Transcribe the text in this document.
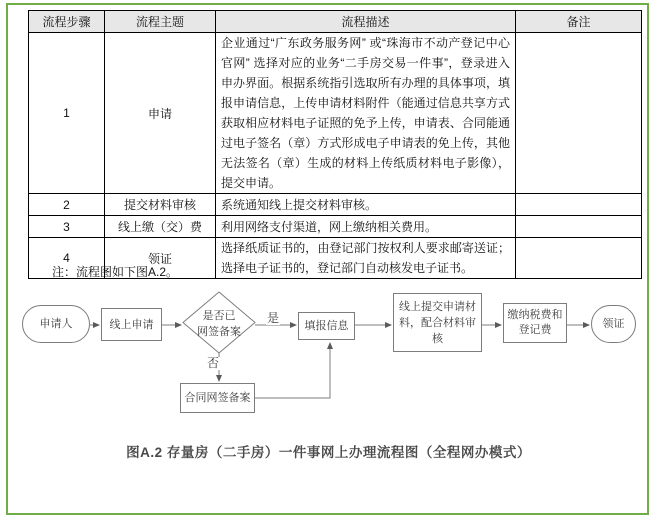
流程步骤	流程主题	流程描述	备注
1	申请	企业通过“广东政务服务网” 或“珠海市不动产登记中心官网” 选择对应的业务“二手房交易一件事”，登录进入申办界面。根据系统指引选取所有办理的具体事项，填报申请信息，上传申请材料附件（能通过信息共享方式获取相应材料电子证照的免予上传，申请表、合同能通过电子签名（章）方式形成电子申请表的免上传，其他无法签名（章）生成的材料上传纸质材料电子影像），提交申请。	
2	提交材料审核	系统通知线上提交材料审核。	
3	线上缴（交）费	利用网络支付渠道，网上缴纳相关费用。	
4	领证	选择纸质证书的，由登记部门按权利人要求邮寄送证；选择电子证书的，登记部门自动核发电子证书。	
注：流程图如下图A.2。
申请人	线上申请
是否已
网签备案
是
填报信息
线上提交申请材料，配合材料审核
缴纳税费和登记费	领证
否
合同网签备案
图A.2 存量房（二手房）一件事网上办理流程图（全程网办模式）
